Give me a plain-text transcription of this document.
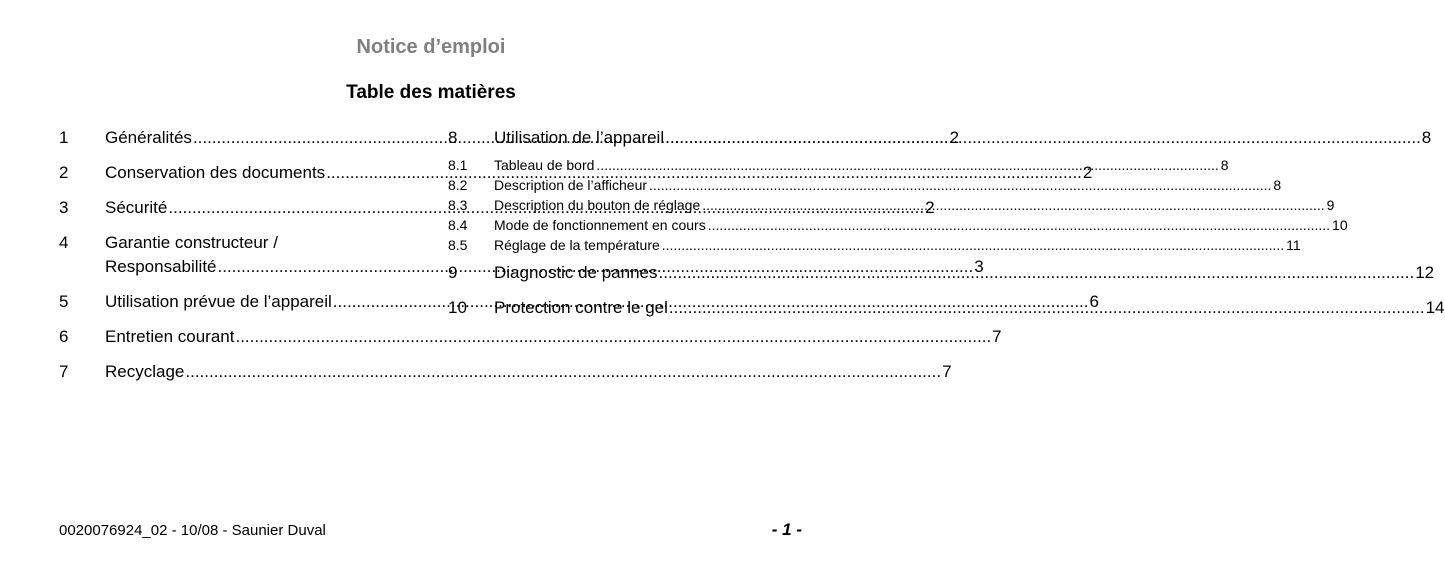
Notice d’emploi
Table des matières
1	Généralités .....	2
2	Conservation des documents .....	2
3	Sécurité .....	2
4	Garantie constructeur /
Responsabilité .....	3
5	Utilisation prévue de l’appareil .....	6
6	Entretien courant .....	7
7	Recyclage .....	7
8	Utilisation de l’appareil .....	8
8.1	Tableau de bord .....	8
8.2	Description de l’afficheur .....	8
8.3	Description du bouton de réglage .....	9
8.4	Mode de fonctionnement en cours .....	10
8.5	Réglage de la température .....	11
9	Diagnostic de pannes .....	12
10	Protection contre le gel .....	14
0020076924_02 - 10/08 - Saunier Duval	- 1 -
